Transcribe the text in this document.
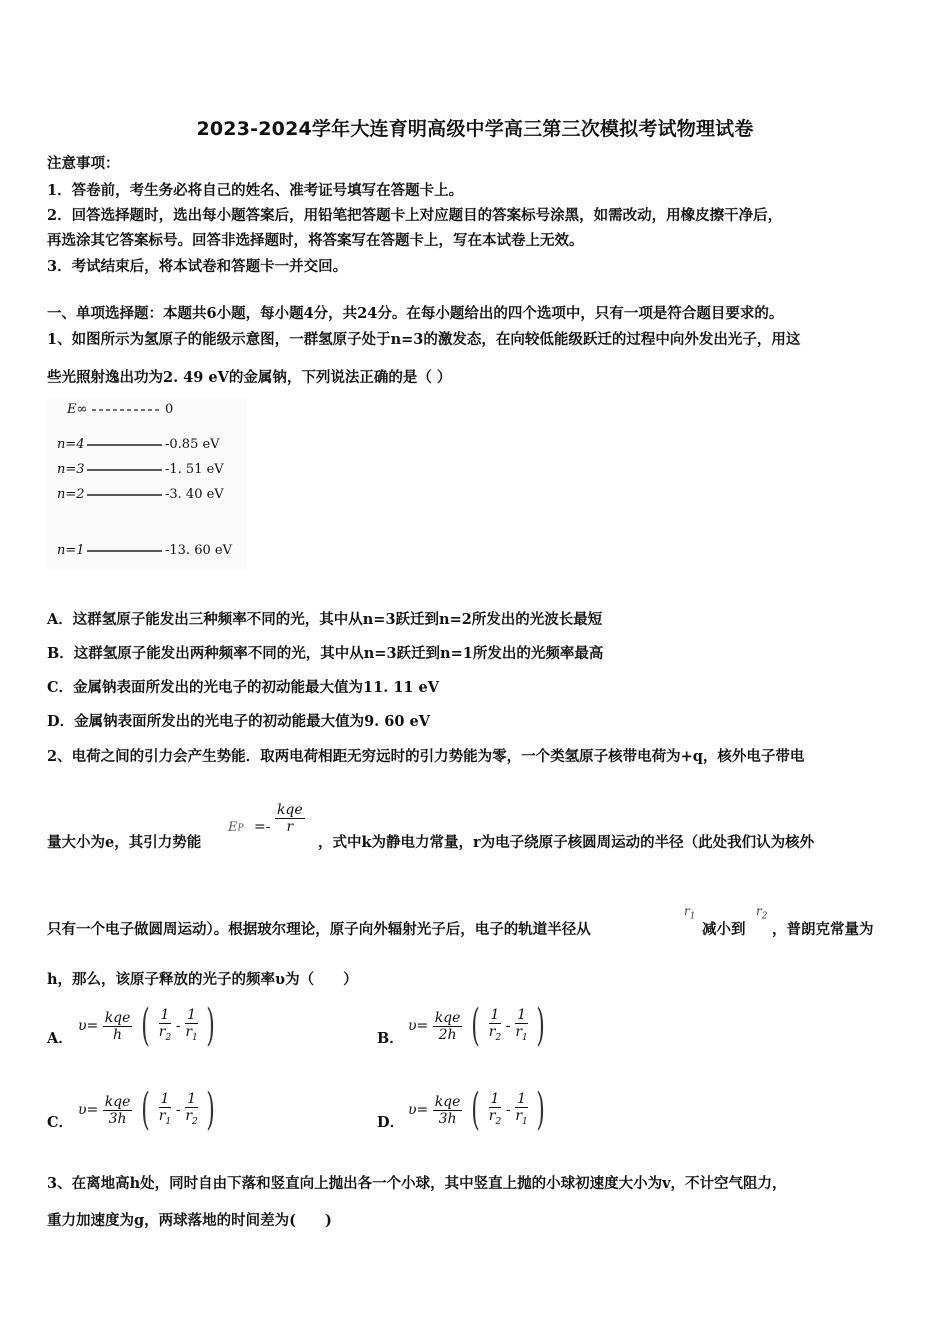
2023-2024学年大连育明高级中学高三第三次模拟考试物理试卷
注意事项：
1．答卷前，考生务必将自己的姓名、准考证号填写在答题卡上。
2．回答选择题时，选出每小题答案后，用铅笔把答题卡上对应题目的答案标号涂黑，如需改动，用橡皮擦干净后，
再选涂其它答案标号。回答非选择题时，将答案写在答题卡上，写在本试卷上无效。
3．考试结束后，将本试卷和答题卡一并交回。
一、单项选择题：本题共6小题，每小题4分，共24分。在每小题给出的四个选项中，只有一项是符合题目要求的。
1、如图所示为氢原子的能级示意图，一群氢原子处于n=3的激发态，在向较低能级跃迁的过程中向外发出光子，用这
些光照射逸出功为2. 49 eV的金属钠，下列说法正确的是（ ）
E∞	0
n=4	-0.85 eV
n=3	-1. 51 eV
n=2	-3. 40 eV
n=1	-13. 60 eV
A．这群氢原子能发出三种频率不同的光，其中从n=3跃迁到n=2所发出的光波长最短
B．这群氢原子能发出两种频率不同的光，其中从n=3跃迁到n=1所发出的光频率最高
C．金属钠表面所发出的光电子的初动能最大值为11. 11 eV
D．金属钠表面所发出的光电子的初动能最大值为9. 60 eV
2、电荷之间的引力会产生势能．取两电荷相距无穷远时的引力势能为零，一个类氢原子核带电荷为+q，核外电子带电
量大小为e，其引力势能
$E_P =- \frac{\text{kqe}}{r}$
，式中k为静电力常量，r为电子绕原子核圆周运动的半径（此处我们认为核外
只有一个电子做圆周运动）。根据玻尔理论，原子向外辐射光子后，电子的轨道半径从
$r_1$
减小到
$r_2$
，普朗克常量为
h，那么，该原子释放的光子的频率υ为（　　）
A．
$\upsilon= \frac{\text{kqe}}{h}$ ( $\frac{1}{r_2} - \frac{1}{r_1}$ )	B．
$\upsilon= \frac{\text{kqe}}{2h}$ ( $\frac{1}{r_2} - \frac{1}{r_1}$ )
C．
$\upsilon= \frac{\text{kqe}}{3h}$ ( $\frac{1}{r_1} - \frac{1}{r_2}$ )	D．
$\upsilon= \frac{\text{kqe}}{3h}$ ( $\frac{1}{r_2} - \frac{1}{r_1}$ )
3、在离地高h处，同时自由下落和竖直向上抛出各一个小球，其中竖直上抛的小球初速度大小为v，不计空气阻力，
重力加速度为g，两球落地的时间差为(　　)
